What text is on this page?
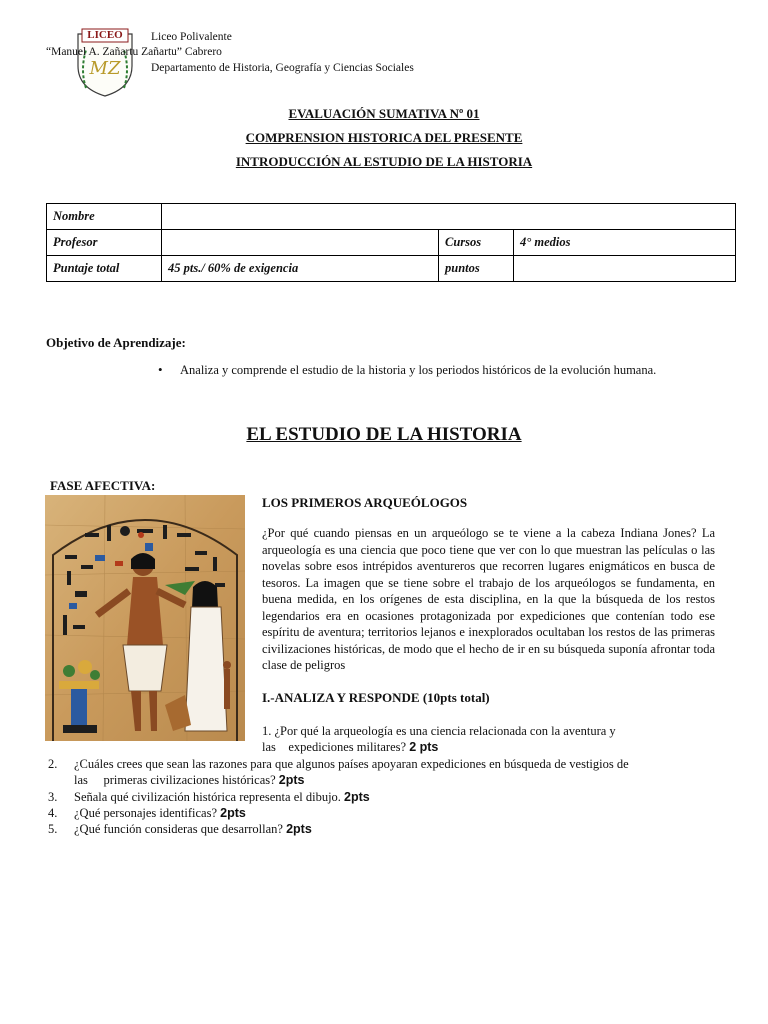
MZ
LICEO	Liceo Polivalente
“Manuel A. Zañartu Zañartu” Cabrero
Departamento de Historia, Geografía y Ciencias Sociales
EVALUACIÓN SUMATIVA Nº 01
COMPRENSION HISTORICA DEL PRESENTE
INTRODUCCIÓN AL ESTUDIO DE LA HISTORIA
Nombre			
Profesor		Cursos	4° medios
Puntaje total	45 pts./ 60% de exigencia	puntos	
Objetivo de Aprendizaje:
• Analiza y comprende el estudio de la historia y los periodos históricos de la evolución humana.
EL ESTUDIO DE LA HISTORIA
FASE AFECTIVA:
LOS PRIMEROS ARQUEÓLOGOS
¿Por qué cuando piensas en un arqueólogo se te viene a la cabeza Indiana Jones? La arqueología es una ciencia que poco tiene que ver con lo que muestran las películas o las novelas sobre esos intrépidos aventureros que recorren lugares enigmáticos en busca de tesoros. La imagen que se tiene sobre el trabajo de los arqueólogos se fundamenta, en buena medida, en los orígenes de esta disciplina, en la que la búsqueda de los restos legendarios era en ocasiones protagonizada por expediciones que contenían todo ese espíritu de aventura; territorios lejanos e inexplorados ocultaban los restos de las primeras civilizaciones históricas, de modo que el hecho de ir en su búsqueda suponía afrontar toda clase de peligros
I.-ANALIZA Y RESPONDE (10pts total)
1. ¿Por qué la arqueología es una ciencia relacionada con la aventura y
las    expediciones militares? 2 pts
2. ¿Cuáles crees que sean las razones para que algunos países apoyaran expediciones en búsqueda de vestigios de
las     primeras civilizaciones históricas? 2pts
3. Señala qué civilización histórica representa el dibujo. 2pts
4. ¿Qué personajes identificas? 2pts
5. ¿Qué función consideras que desarrollan? 2pts
